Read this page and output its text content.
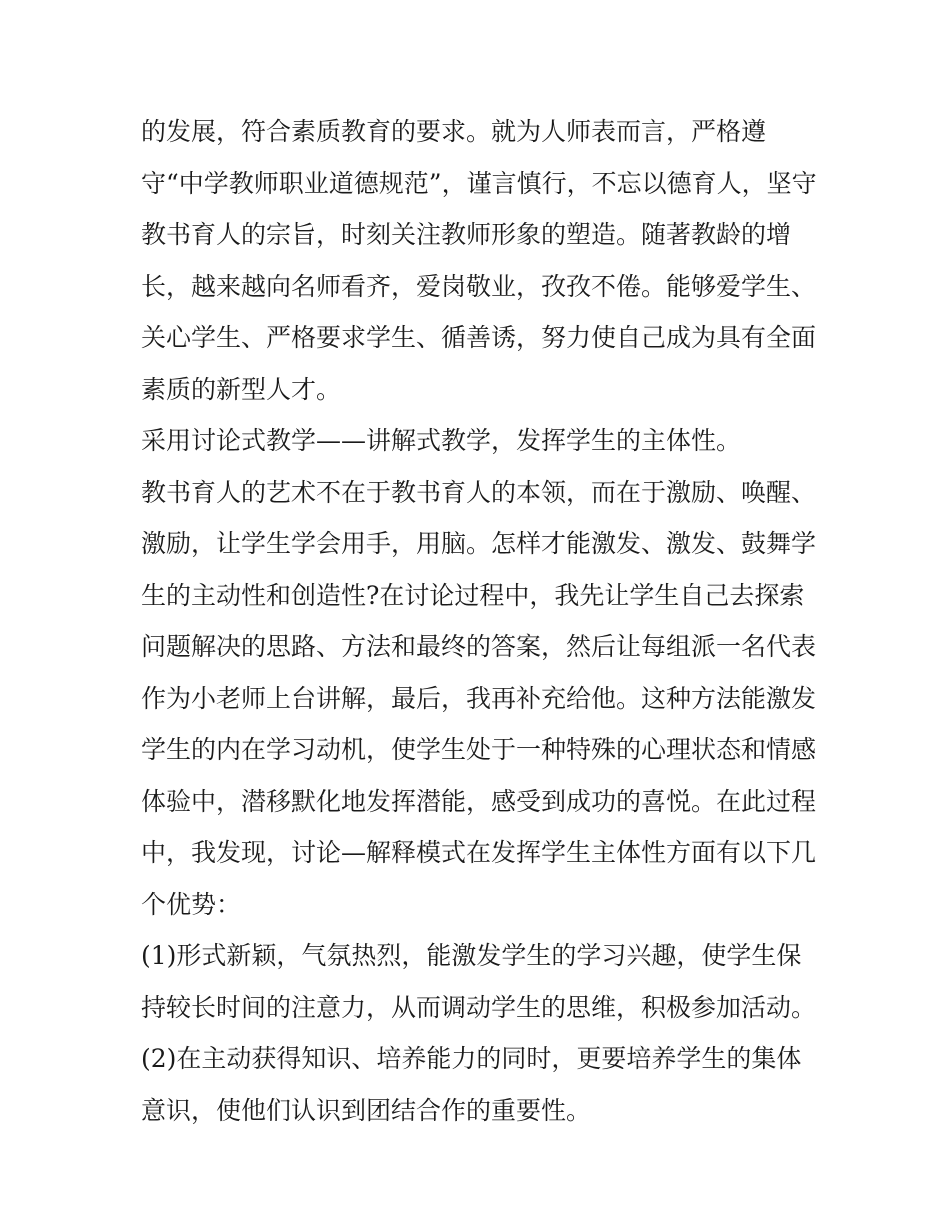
的发展，符合素质教育的要求。就为人师表而言，严格遵
守“中学教师职业道德规范”，谨言慎行，不忘以德育人，坚守
教书育人的宗旨，时刻关注教师形象的塑造。随著教龄的增
长，越来越向名师看齐，爱岗敬业，孜孜不倦。能够爱学生、
关心学生、严格要求学生、循善诱，努力使自己成为具有全面
素质的新型人才。
采用讨论式教学——讲解式教学，发挥学生的主体性。
教书育人的艺术不在于教书育人的本领，而在于激励、唤醒、
激励，让学生学会用手，用脑。怎样才能激发、激发、鼓舞学
生的主动性和创造性?在讨论过程中，我先让学生自己去探索
问题解决的思路、方法和最终的答案，然后让每组派一名代表
作为小老师上台讲解，最后，我再补充给他。这种方法能激发
学生的内在学习动机，使学生处于一种特殊的心理状态和情感
体验中，潜移默化地发挥潜能，感受到成功的喜悦。在此过程
中，我发现，讨论—解释模式在发挥学生主体性方面有以下几
个优势：
(1)形式新颖，气氛热烈，能激发学生的学习兴趣，使学生保
持较长时间的注意力，从而调动学生的思维，积极参加活动。
(2)在主动获得知识、培养能力的同时，更要培养学生的集体
意识，使他们认识到团结合作的重要性。
